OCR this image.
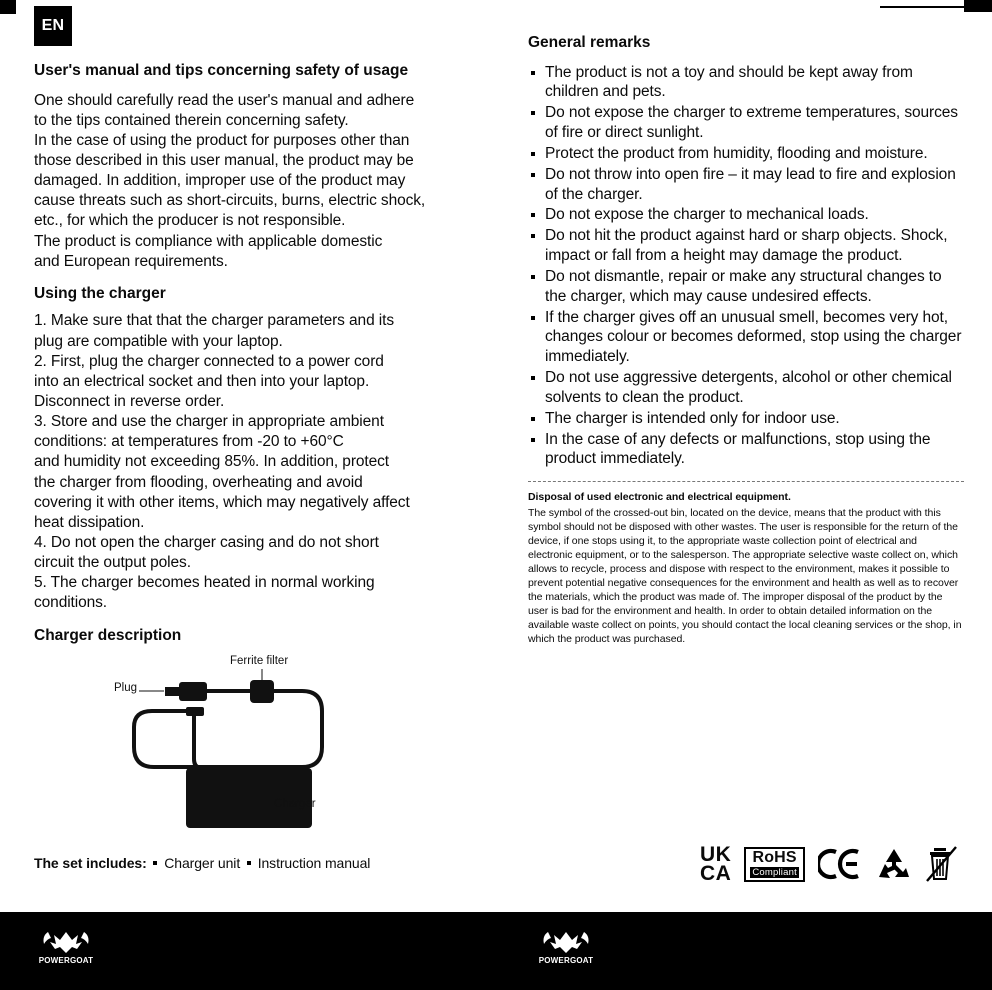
EN
User's manual and tips concerning safety of usage

One should carefully read the user's manual and adhere

to the tips contained therein concerning safety.

In the case of using the product for purposes other than

those described in this user manual, the product may be

damaged. In addition, improper use of the product may

cause threats such as short-circuits, burns, electric shock,

etc., for which the producer is not responsible.

The product is compliance with applicable domestic

and European requirements.

Using the charger

1. Make sure that that the charger parameters and its

plug are compatible with your laptop.

2. First, plug the charger connected to a power cord

into an electrical socket and then into your laptop.

Disconnect in reverse order.

3. Store and use the charger in appropriate ambient

conditions: at temperatures from -20 to +60°C

and humidity not exceeding 85%. In addition, protect

the charger from flooding, overheating and avoid

covering it with other items, which may negatively affect

heat dissipation.

4. Do not open the charger casing and do not short

circuit the output poles.

5. The charger becomes heated in normal working

conditions.

Charger description
Ferrite filter
Plug
Charger
General remarks
The product is not a toy and should be kept away from children and pets.
Do not expose the charger to extreme temperatures, sources of fire or direct sunlight.
Protect the product from humidity, flooding and moisture.
Do not throw into open fire – it may lead to fire and explosion of the charger.
Do not expose the charger to mechanical loads.
Do not hit the product against hard or sharp objects. Shock, impact or fall from a height may damage the product.
Do not dismantle, repair or make any structural changes to the charger, which may cause undesired effects.
If the charger gives off an unusual smell, becomes very hot, changes colour or becomes deformed, stop using the charger immediately.
Do not use aggressive detergents, alcohol or other chemical solvents to clean the product.
The charger is intended only for indoor use.
In the case of any defects or malfunctions, stop using the product immediately.

Disposal of used electronic and electrical equipment.

The symbol of the crossed-out bin, located on the device, means that the product with this symbol should not be disposed with other wastes. The user is responsible for the return of the device, if one stops using it, to the appropriate waste collection point of electrical and electronic equipment, or to the salesperson. The appropriate selective waste collect on, which allows to recycle, process and dispose with respect to the environment, makes it possible to prevent potential negative consequences for the environment and health as well as to recover the materials, which the product was made of. The improper disposal of the product by the user is bad for the environment and health. In order to obtain detailed information on the available waste collect on points, you should contact the local cleaning services or the shop, in which the product was purchased.

The set includes: Charger unit Instruction manual	UK
CA
RoHS
Compliant
POWERGOAT	POWERGOAT
